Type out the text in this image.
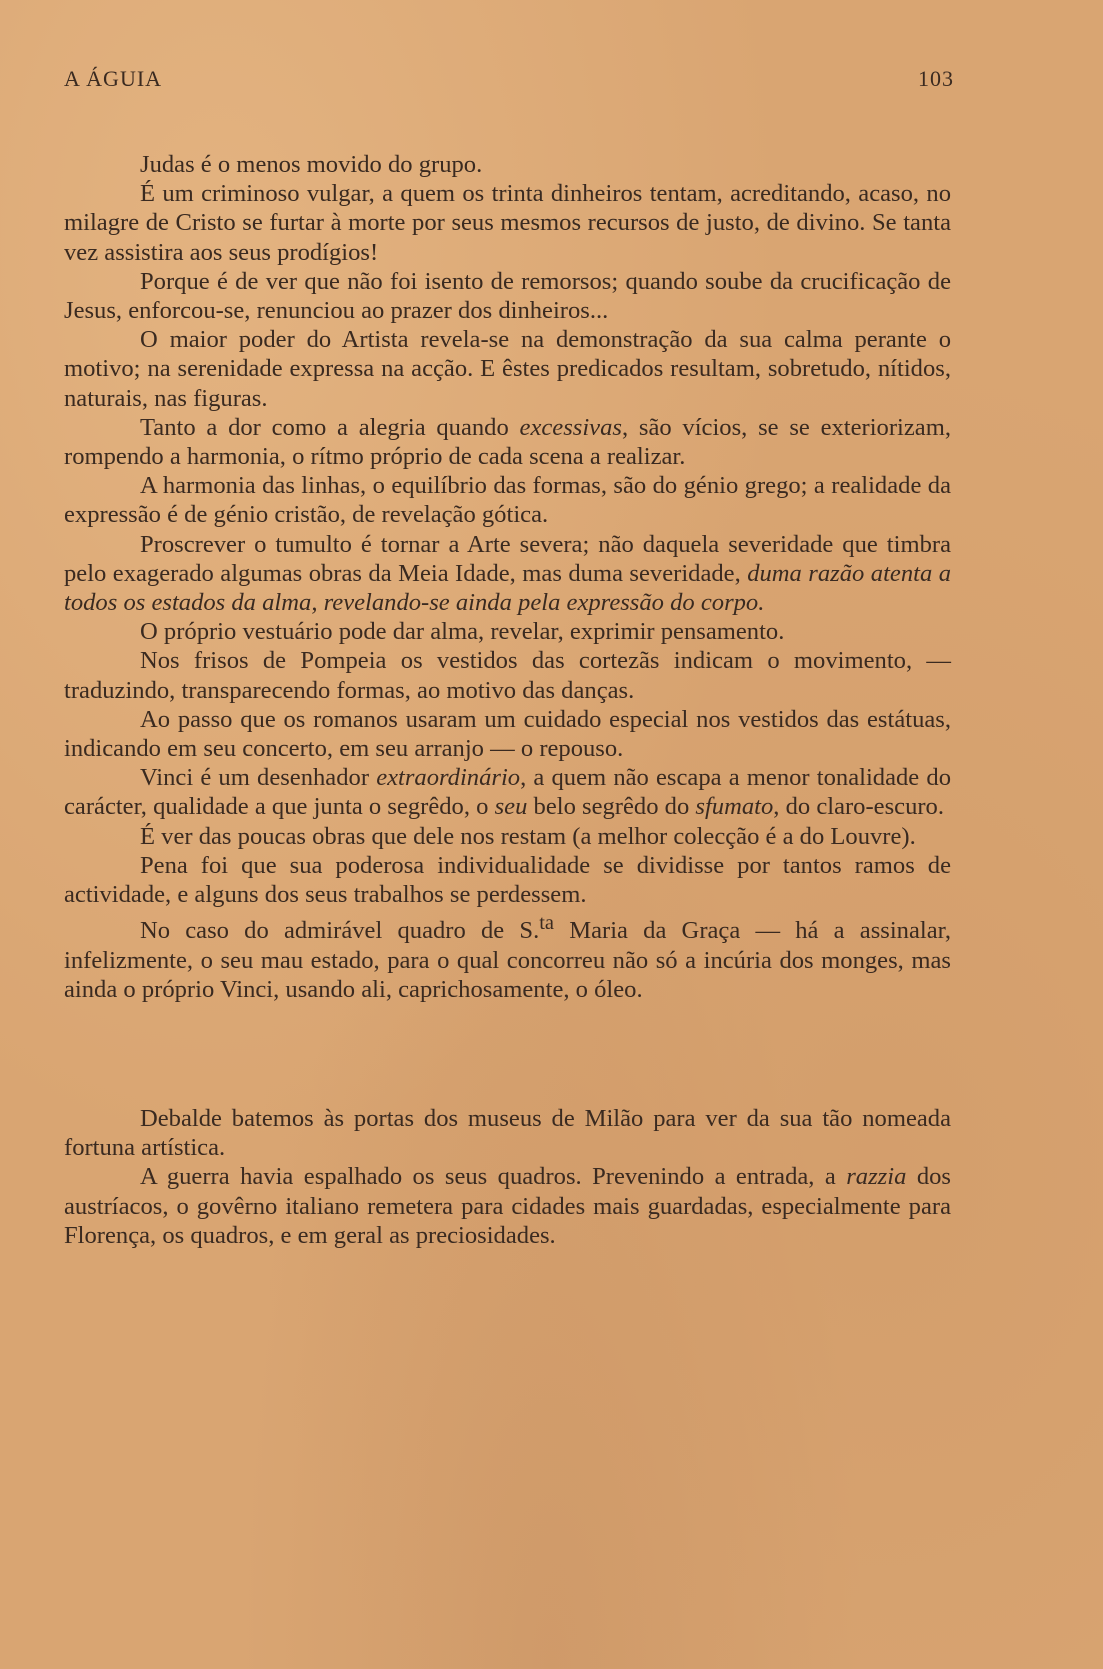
A ÁGUIA	103

Judas é o menos movido do grupo.

É um criminoso vulgar, a quem os trinta dinheiros tentam, acreditando, acaso, no milagre de Cristo se furtar à morte por seus mesmos recursos de justo, de divino. Se tanta vez assistira aos seus prodígios!

Porque é de ver que não foi isento de remorsos; quando soube da crucificação de Jesus, enforcou-se, renunciou ao prazer dos dinheiros...

O maior poder do Artista revela-se na demonstração da sua calma perante o motivo; na serenidade expressa na acção. E êstes predicados resultam, sobretudo, nítidos, naturais, nas figuras.

Tanto a dor como a alegria quando excessivas, são vícios, se se exteriorizam, rompendo a harmonia, o rítmo próprio de cada scena a realizar.

A harmonia das linhas, o equilíbrio das formas, são do génio grego; a realidade da expressão é de génio cristão, de revelação gótica.

Proscrever o tumulto é tornar a Arte severa; não daquela severidade que timbra pelo exagerado algumas obras da Meia Idade, mas duma severidade, duma razão atenta a todos os estados da alma, revelando-se ainda pela expressão do corpo.

O próprio vestuário pode dar alma, revelar, exprimir pensamento.

Nos frisos de Pompeia os vestidos das cortezãs indicam o movimento, — traduzindo, transparecendo formas, ao motivo das danças.

Ao passo que os romanos usaram um cuidado especial nos vestidos das estátuas, indicando em seu concerto, em seu arranjo — o repouso.

Vinci é um desenhador extraordinário, a quem não escapa a menor tonalidade do carácter, qualidade a que junta o segrêdo, o seu belo segrêdo do sfumato, do claro-escuro.

É ver das poucas obras que dele nos restam (a melhor colecção é a do Louvre).

Pena foi que sua poderosa individualidade se dividisse por tantos ramos de actividade, e alguns dos seus trabalhos se perdessem.

No caso do admirável quadro de S.$^{ta}$ Maria da Graça — há a assinalar, infelizmente, o seu mau estado, para o qual concorreu não só a incúria dos monges, mas ainda o próprio Vinci, usando ali, caprichosamente, o óleo.

Debalde batemos às portas dos museus de Milão para ver da sua tão nomeada fortuna artística.

A guerra havia espalhado os seus quadros. Prevenindo a entrada, a razzia dos austríacos, o govêrno italiano remetera para cidades mais guardadas, especialmente para Florença, os quadros, e em geral as preciosidades.
